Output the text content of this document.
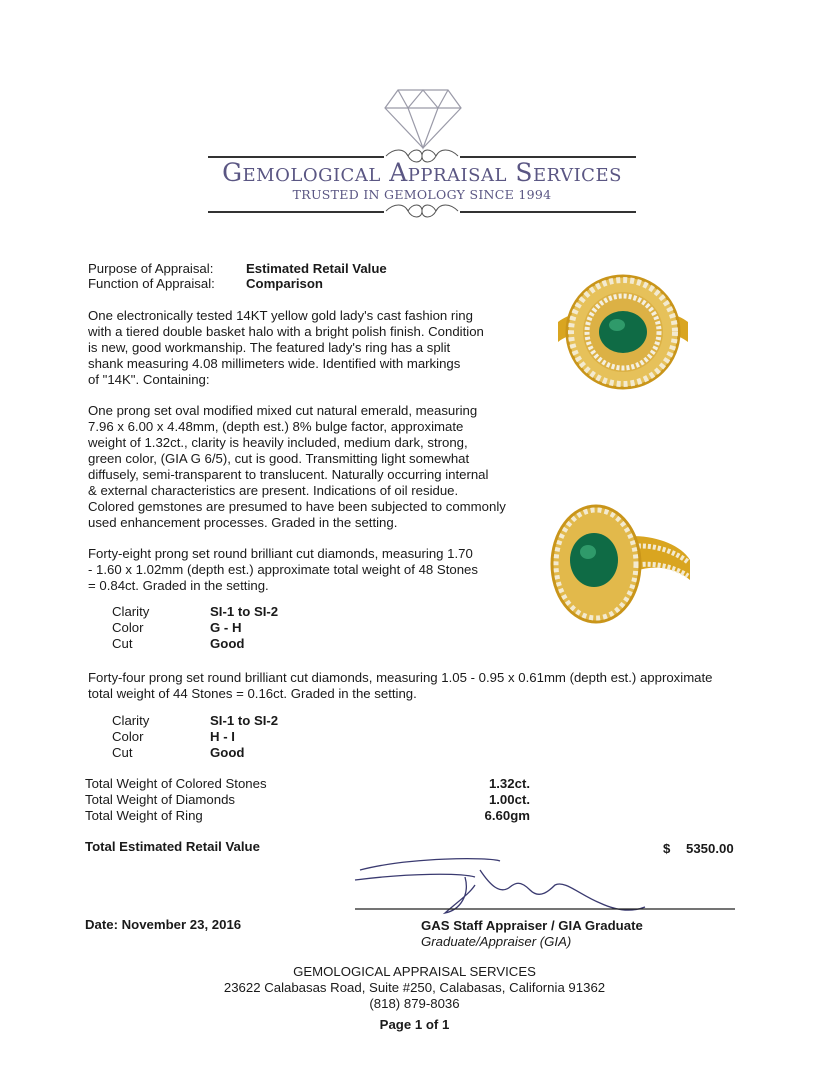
Gemological Appraisal Services
TRUSTED IN GEMOLOGY SINCE 1994
Purpose of Appraisal: Estimated Retail Value
Function of Appraisal: Comparison
One electronically tested 14KT yellow gold lady's cast fashion ring
with a tiered double basket halo with a bright polish finish. Condition
is new, good workmanship. The featured lady's ring has a split
shank measuring 4.08 millimeters wide. Identified with markings
of "14K". Containing:
One prong set oval modified mixed cut natural emerald, measuring
7.96 x 6.00 x 4.48mm, (depth est.) 8% bulge factor, approximate
weight of 1.32ct., clarity is heavily included, medium dark, strong,
green color, (GIA G 6/5), cut is good. Transmitting light somewhat
diffusely, semi-transparent to translucent. Naturally occurring internal
& external characteristics are present. Indications of oil residue.
Colored gemstones are presumed to have been subjected to commonly
used enhancement processes. Graded in the setting.
Forty-eight prong set round brilliant cut diamonds, measuring 1.70
- 1.60 x 1.02mm (depth est.) approximate total weight of 48 Stones
= 0.84ct. Graded in the setting.
Clarity
Color
Cut
SI-1 to SI-2
G - H
Good
Forty-four prong set round brilliant cut diamonds, measuring 1.05 - 0.95 x 0.61mm (depth est.) approximate
total weight of 44 Stones = 0.16ct. Graded in the setting.
Clarity
Color
Cut
SI-1 to SI-2
H - I
Good
Total Weight of Colored Stones
Total Weight of Diamonds
Total Weight of Ring
1.32ct.
1.00ct.
6.60gm
Total Estimated Retail Value	$ 5350.00
Date: November 23, 2016	GAS Staff Appraiser / GIA Graduate
Graduate/Appraiser (GIA)
GEMOLOGICAL APPRAISAL SERVICES
23622 Calabasas Road, Suite #250, Calabasas, California 91362
(818) 879-8036
Page 1 of 1
